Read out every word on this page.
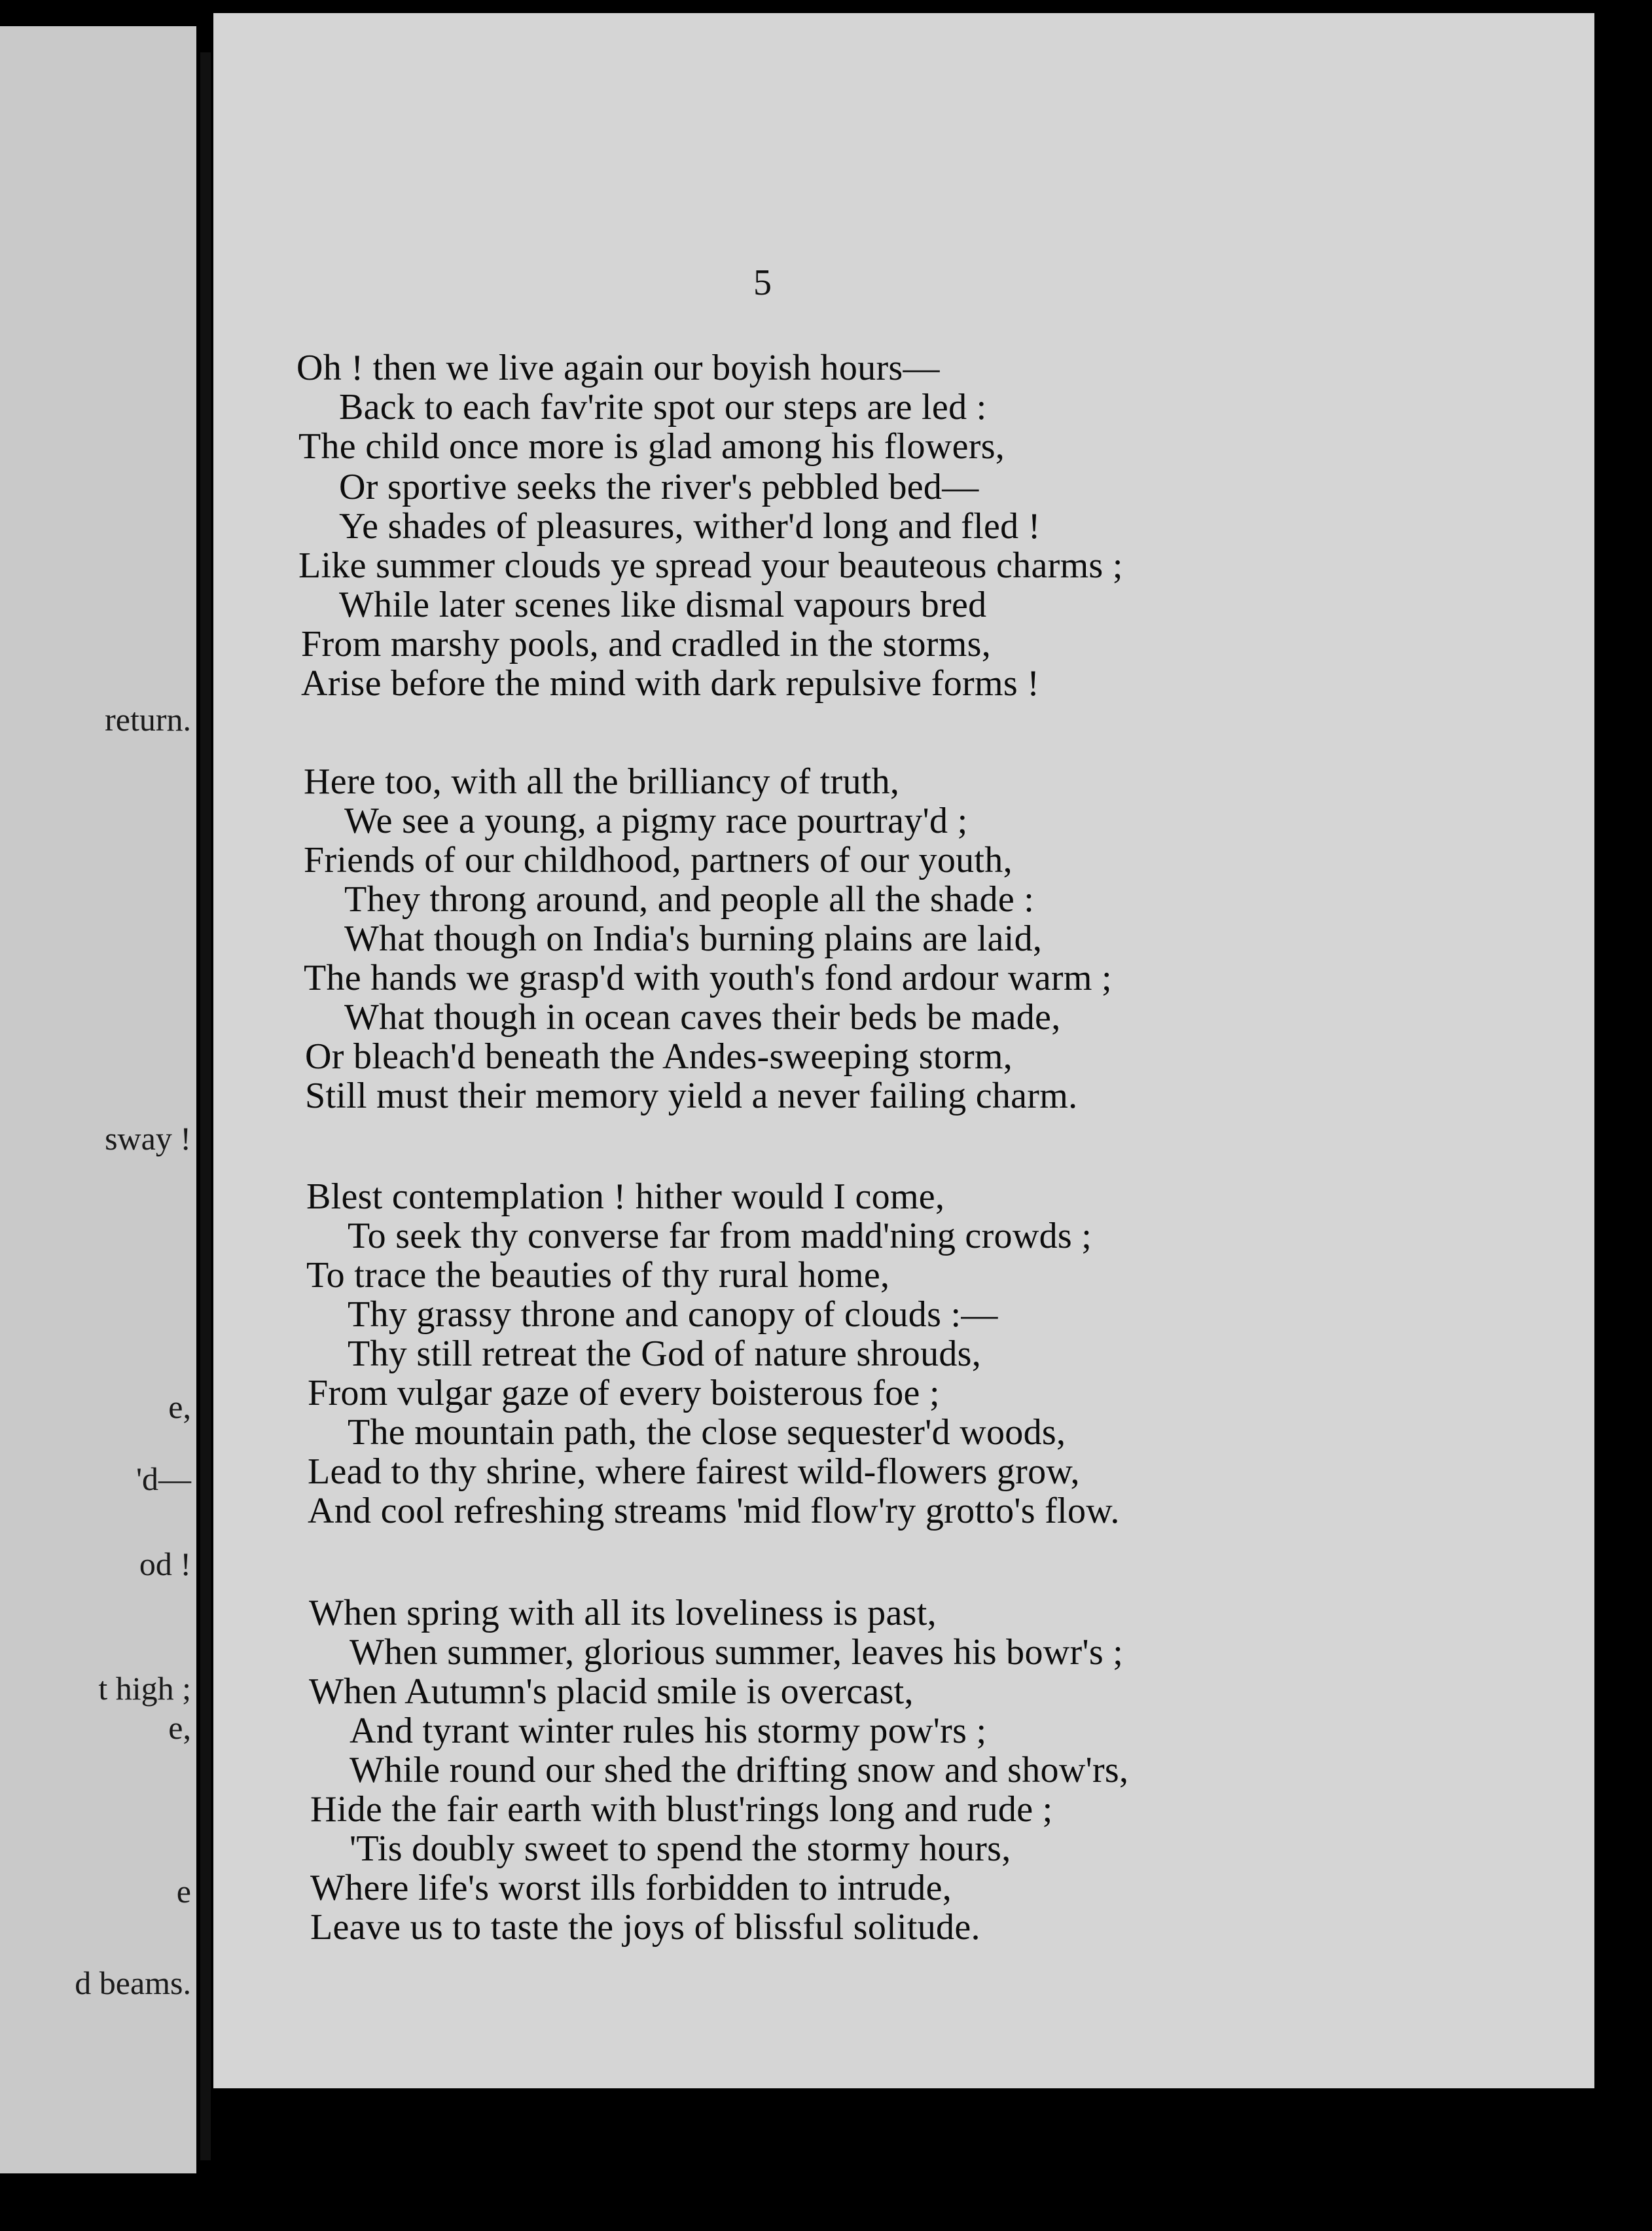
return.
sway !
e,
'd—
od !
t high ;
e,
e
d beams.
5
Oh ! then we live again our boyish hours—
Back to each fav'rite spot our steps are led :
The child once more is glad among his flowers,
Or sportive seeks the river's pebbled bed—
Ye shades of pleasures, wither'd long and fled !
Like summer clouds ye spread your beauteous charms ;
While later scenes like dismal vapours bred
From marshy pools, and cradled in the storms,
Arise before the mind with dark repulsive forms !
Here too, with all the brilliancy of truth,
We see a young, a pigmy race pourtray'd ;
Friends of our childhood, partners of our youth,
They throng around, and people all the shade :
What though on India's burning plains are laid,
The hands we grasp'd with youth's fond ardour warm ;
What though in ocean caves their beds be made,
Or bleach'd beneath the Andes-sweeping storm,
Still must their memory yield a never failing charm.
Blest contemplation ! hither would I come,
To seek thy converse far from madd'ning crowds ;
To trace the beauties of thy rural home,
Thy grassy throne and canopy of clouds :—
Thy still retreat the God of nature shrouds,
From vulgar gaze of every boisterous foe ;
The mountain path, the close sequester'd woods,
Lead to thy shrine, where fairest wild-flowers grow,
And cool refreshing streams 'mid flow'ry grotto's flow.
When spring with all its loveliness is past,
When summer, glorious summer, leaves his bowr's ;
When Autumn's placid smile is overcast,
And tyrant winter rules his stormy pow'rs ;
While round our shed the drifting snow and show'rs,
Hide the fair earth with blust'rings long and rude ;
'Tis doubly sweet to spend the stormy hours,
Where life's worst ills forbidden to intrude,
Leave us to taste the joys of blissful solitude.
